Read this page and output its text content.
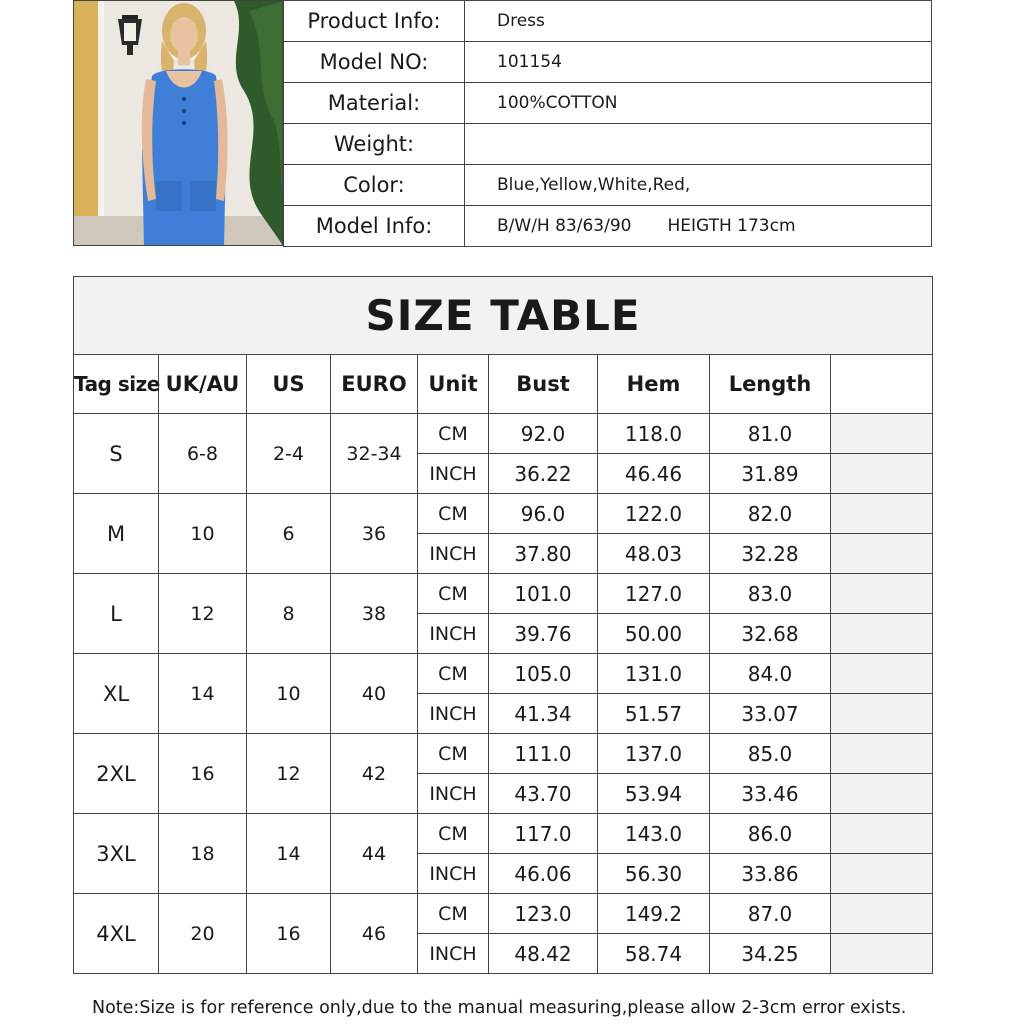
Product Info:	Dress
Model NO:	101154
Material:	100%COTTON
Weight:	
Color:	Blue,Yellow,White,Red,
Model Info:	B/W/H 83/63/90 HEIGTH 173cm
SIZE TABLE								
Tag size	UK/AU	US	EURO	Unit	Bust	Hem	Length	
S	6-8	2-4	32-34	CM	92.0	118.0	81.0	
				INCH	36.22	46.46	31.89	
M	10	6	36	CM	96.0	122.0	82.0	
				INCH	37.80	48.03	32.28	
L	12	8	38	CM	101.0	127.0	83.0	
				INCH	39.76	50.00	32.68	
XL	14	10	40	CM	105.0	131.0	84.0	
				INCH	41.34	51.57	33.07	
2XL	16	12	42	CM	111.0	137.0	85.0	
				INCH	43.70	53.94	33.46	
3XL	18	14	44	CM	117.0	143.0	86.0	
				INCH	46.06	56.30	33.86	
4XL	20	16	46	CM	123.0	149.2	87.0	
				INCH	48.42	58.74	34.25	
Note:Size is for reference only,due to the manual measuring,please allow 2-3cm error exists.
